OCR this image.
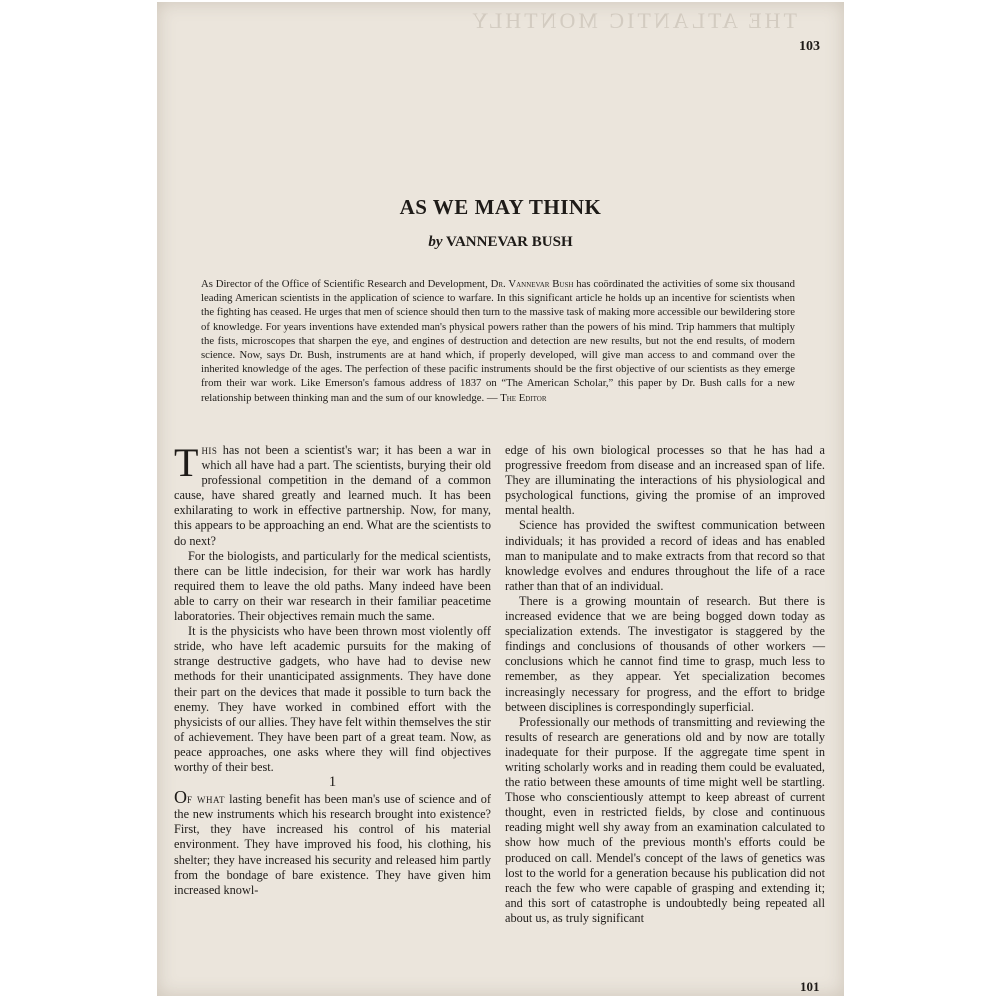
THE ATLANTIC MONTHLY
103
AS WE MAY THINK
by VANNEVAR BUSH
As Director of the Office of Scientific Research and Development, Dr. Vannevar Bush has coördinated the activities of some six thousand leading American scientists in the application of science to warfare. In this significant article he holds up an incentive for scientists when the fighting has ceased. He urges that men of science should then turn to the massive task of making more accessible our bewildering store of knowledge. For years inventions have extended man's physical powers rather than the powers of his mind. Trip hammers that multiply the fists, microscopes that sharpen the eye, and engines of destruction and detection are new results, but not the end results, of modern science. Now, says Dr. Bush, instruments are at hand which, if properly developed, will give man access to and command over the inherited knowledge of the ages. The perfection of these pacific instruments should be the first objective of our scientists as they emerge from their war work. Like Emerson's famous address of 1837 on “The American Scholar,” this paper by Dr. Bush calls for a new relationship between thinking man and the sum of our knowledge. — The Editor

This has not been a scientist's war; it has been a war in which all have had a part. The scientists, burying their old professional competition in the demand of a common cause, have shared greatly and learned much. It has been exhilarating to work in effective partnership. Now, for many, this appears to be approaching an end. What are the scientists to do next?

For the biologists, and particularly for the medical scientists, there can be little indecision, for their war work has hardly required them to leave the old paths. Many indeed have been able to carry on their war research in their familiar peacetime laboratories. Their objectives remain much the same.

It is the physicists who have been thrown most violently off stride, who have left academic pursuits for the making of strange destructive gadgets, who have had to devise new methods for their unanticipated assignments. They have done their part on the devices that made it possible to turn back the enemy. They have worked in combined effort with the physicists of our allies. They have felt within themselves the stir of achievement. They have been part of a great team. Now, as peace approaches, one asks where they will find objectives worthy of their best.

1

Of what lasting benefit has been man's use of science and of the new instruments which his research brought into existence? First, they have increased his control of his material environment. They have improved his food, his clothing, his shelter; they have increased his security and released him partly from the bondage of bare existence. They have given him increased knowl-

edge of his own biological processes so that he has had a progressive freedom from disease and an increased span of life. They are illuminating the interactions of his physiological and psychological functions, giving the promise of an improved mental health.

Science has provided the swiftest communication between individuals; it has provided a record of ideas and has enabled man to manipulate and to make extracts from that record so that knowledge evolves and endures throughout the life of a race rather than that of an individual.

There is a growing mountain of research. But there is increased evidence that we are being bogged down today as specialization extends. The investigator is staggered by the findings and conclusions of thousands of other workers — conclusions which he cannot find time to grasp, much less to remember, as they appear. Yet specialization becomes increasingly necessary for progress, and the effort to bridge between disciplines is correspondingly superficial.

Professionally our methods of transmitting and reviewing the results of research are generations old and by now are totally inadequate for their purpose. If the aggregate time spent in writing scholarly works and in reading them could be evaluated, the ratio between these amounts of time might well be startling. Those who conscientiously attempt to keep abreast of current thought, even in restricted fields, by close and continuous reading might well shy away from an examination calculated to show how much of the previous month's efforts could be produced on call. Mendel's concept of the laws of genetics was lost to the world for a generation because his publication did not reach the few who were capable of grasping and extending it; and this sort of catastrophe is undoubtedly being repeated all about us, as truly significant

101
